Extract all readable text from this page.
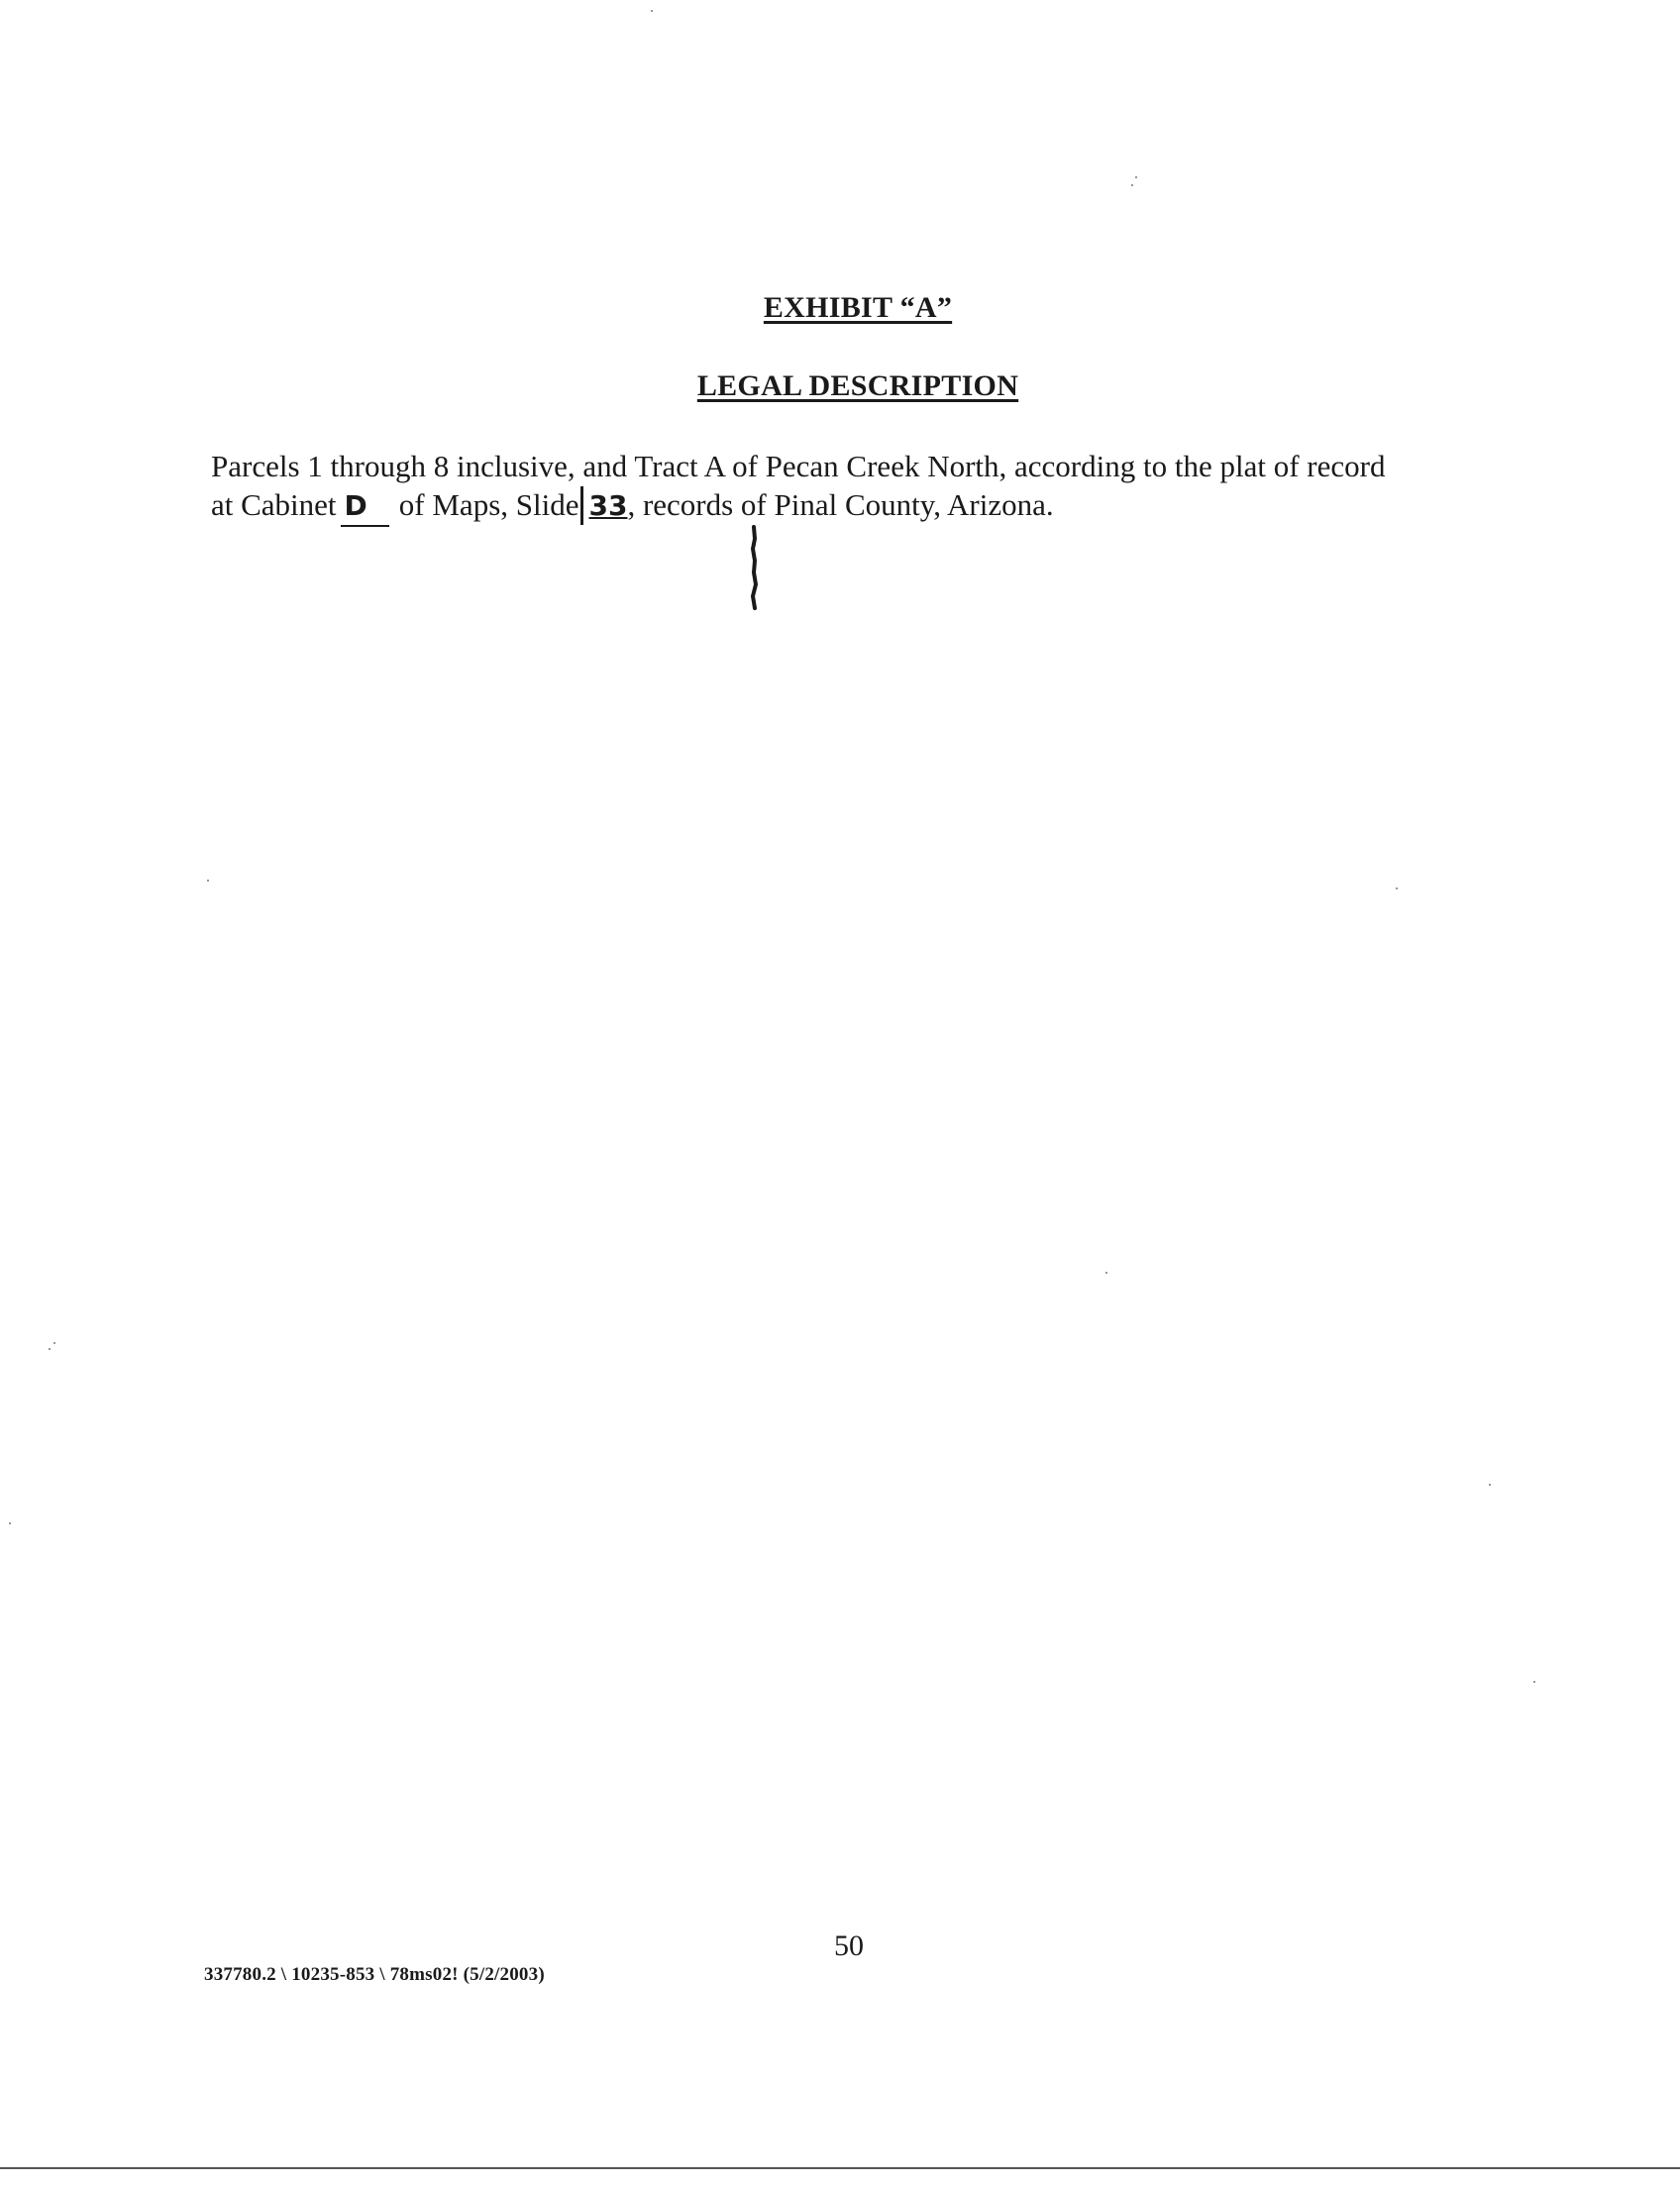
EXHIBIT “A”
LEGAL DESCRIPTION
Parcels 1 through 8 inclusive, and Tract A of Pecan Creek North, according to the plat of record
at Cabinet D of Maps, Slide 33, records of Pinal County, Arizona.
50
337780.2 \ 10235-853 \ 78ms02! (5/2/2003)
